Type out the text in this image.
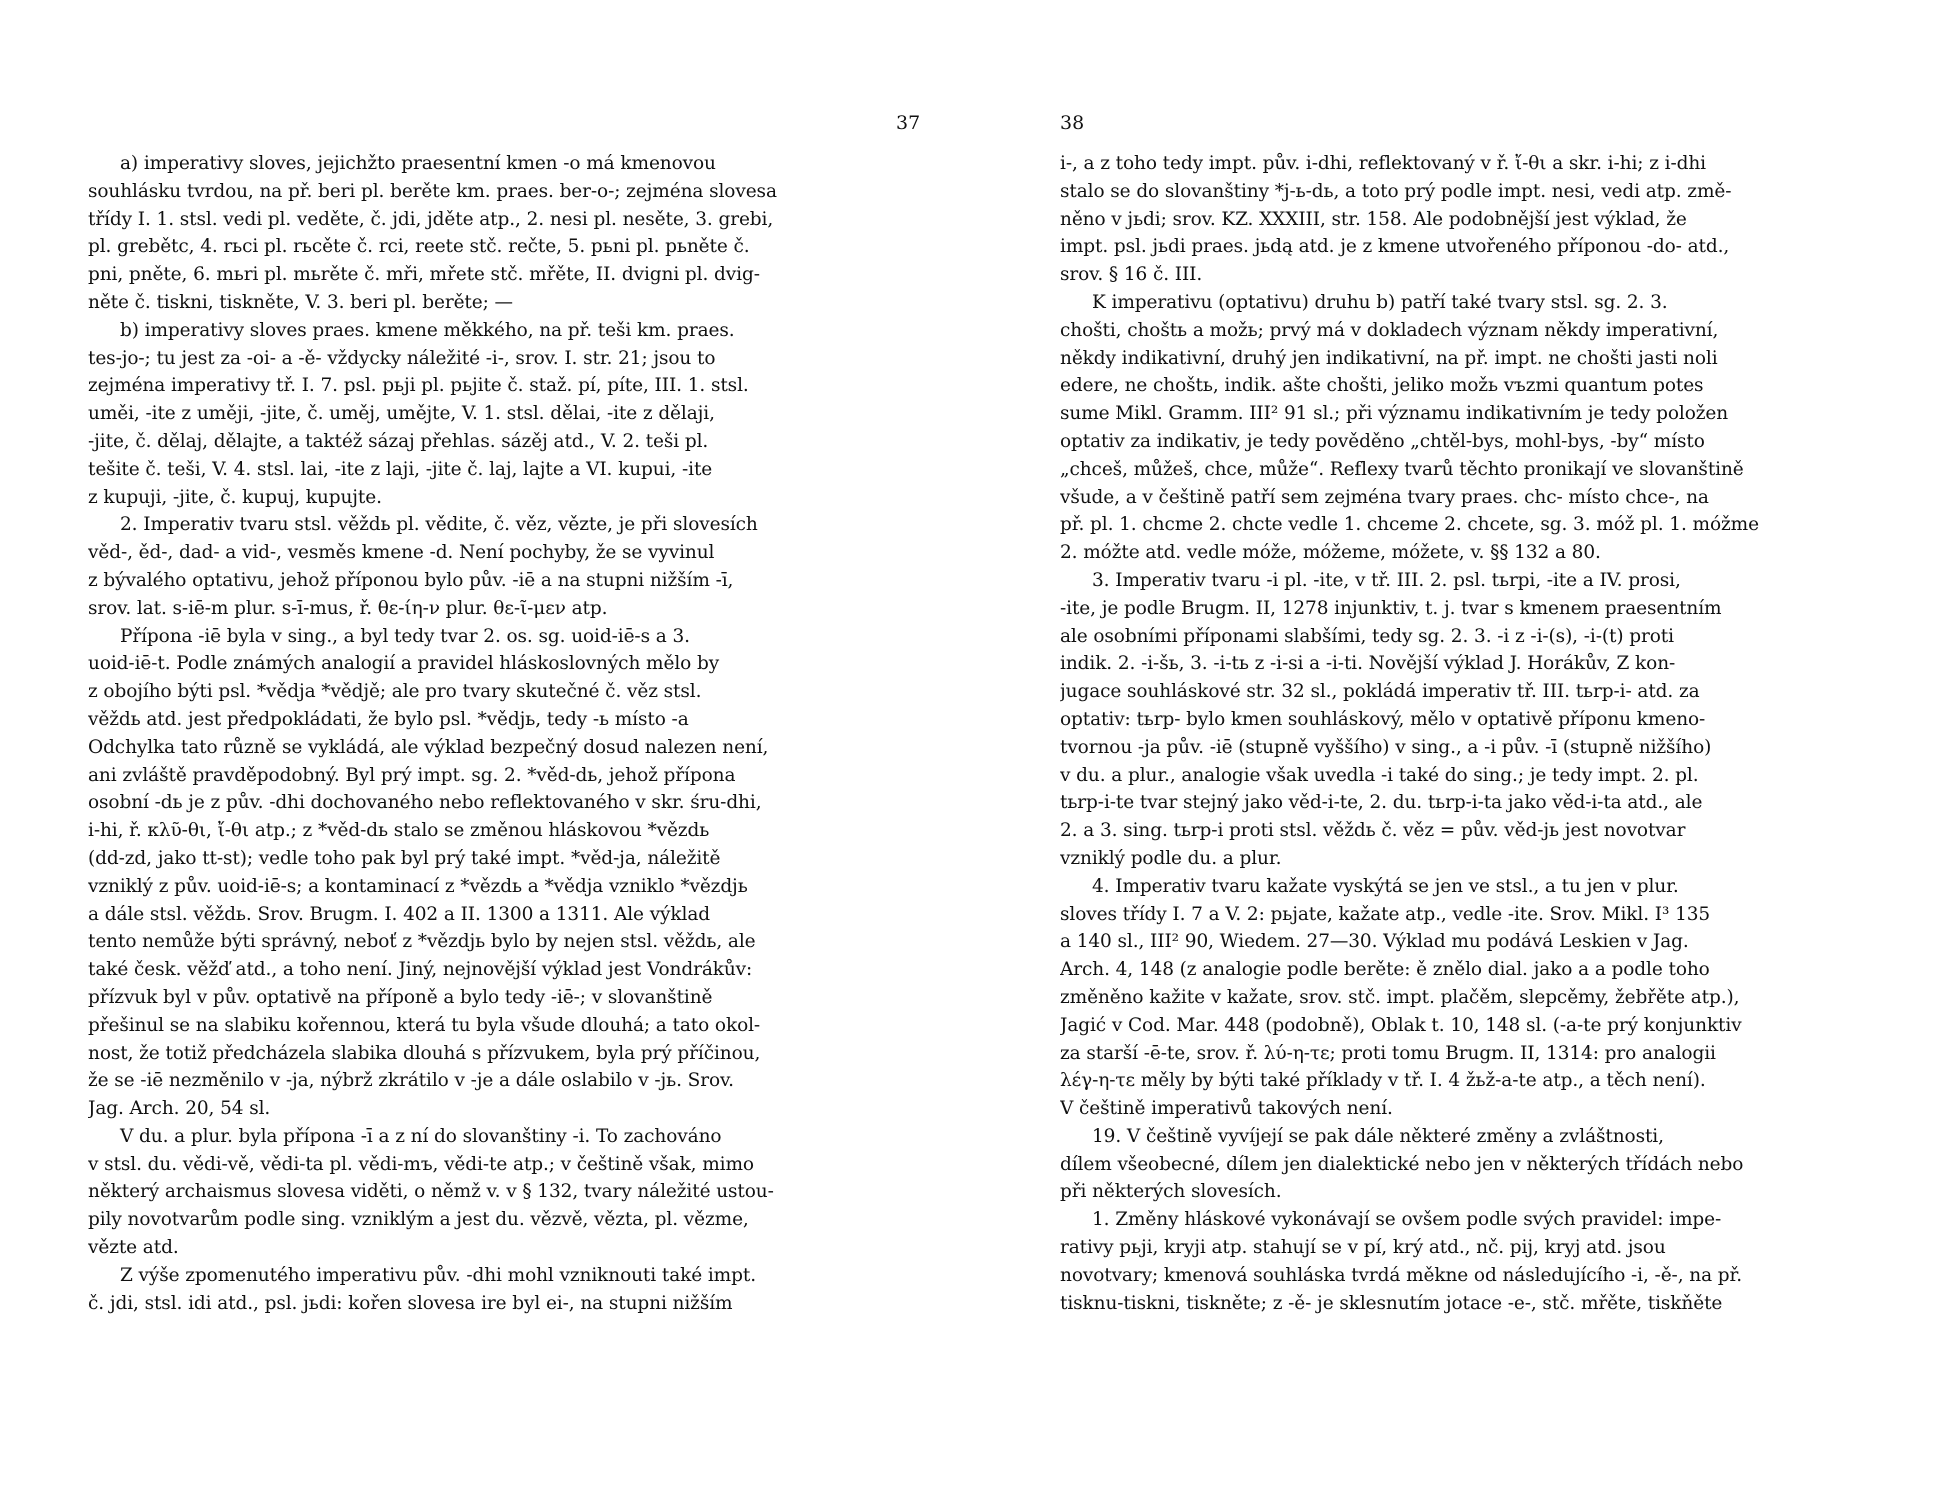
37
a) imperativy sloves, jejichžto praesentní kmen -o má kmenovou
souhlásku tvrdou, na př. beri pl. berěte km. praes. ber-o-; zejména slovesa
třídy I. 1. stsl. vedi pl. veděte, č. jdi, jděte atp., 2. nesi pl. nesěte, 3. grebi,
pl. grebětc, 4. rьci pl. rьcěte č. rci, reete stč. rečte, 5. pьni pl. pьněte č.
pni, pněte, 6. mьri pl. mьrěte č. mři, mřete stč. mřěte, II. dvigni pl. dvig-
něte č. tiskni, tiskněte, V. 3. beri pl. berěte; —
b) imperativy sloves praes. kmene měkkého, na př. teši km. praes.
tes-jo-; tu jest za -oi- a -ě- vždycky náležité -i-, srov. I. str. 21; jsou to
zejména imperativy tř. I. 7. psl. pьji pl. pьjite č. staž. pí, píte, III. 1. stsl.
uměi, -ite z uměji, -jite, č. uměj, umějte, V. 1. stsl. dělai, -ite z dělaji,
-jite, č. dělaj, dělajte, a taktéž sázaj přehlas. sázěj atd., V. 2. teši pl.
tešite č. teši, V. 4. stsl. lai, -ite z laji, -jite č. laj, lajte a VI. kupui, -ite
z kupuji, -jite, č. kupuj, kupujte.
2. Imperativ tvaru stsl. věždь pl. vědite, č. věz, vězte, je při slovesích
věd-, ěd-, dad- a vid-, vesměs kmene -d. Není pochyby, že se vyvinul
z bývalého optativu, jehož příponou bylo pův. -iē a na stupni nižším -ī,
srov. lat. s-iē-m plur. s-ī-mus, ř. θε-ίη-ν plur. θε-ῖ-μεν atp.
Přípona -iē byla v sing., a byl tedy tvar 2. os. sg. uoid-iē-s a 3.
uoid-iē-t. Podle známých analogií a pravidel hláskoslovných mělo by
z obojího býti psl. *vědja *vědjě; ale pro tvary skutečné č. věz stsl.
věždь atd. jest předpokládati, že bylo psl. *vědjь, tedy -ь místo -a
Odchylka tato různě se vykládá, ale výklad bezpečný dosud nalezen není,
ani zvláště pravděpodobný. Byl prý impt. sg. 2. *věd-dь, jehož přípona
osobní -dь je z pův. -dhi dochovaného nebo reflektovaného v skr. śru-dhi,
i-hi, ř. κλῦ-θι, ἴ-θι atp.; z *věd-dь stalo se změnou hláskovou *vězdь
(dd-zd, jako tt-st); vedle toho pak byl prý také impt. *věd-ja, náležitě
vzniklý z pův. uoid-iē-s; a kontaminací z *vězdь a *vědja vzniklo *vězdjь
a dále stsl. věždь. Srov. Brugm. I. 402 a II. 1300 a 1311. Ale výklad
tento nemůže býti správný, neboť z *vězdjь bylo by nejen stsl. věždь, ale
také česk. věžď atd., a toho není. Jiný, nejnovější výklad jest Vondrákův:
přízvuk byl v pův. optativě na příponě a bylo tedy -iē-; v slovanštině
přešinul se na slabiku kořennou, která tu byla všude dlouhá; a tato okol-
nost, že totiž předcházela slabika dlouhá s přízvukem, byla prý příčinou,
že se -iē nezměnilo v -ja, nýbrž zkrátilo v -je a dále oslabilo v -jь. Srov.
Jag. Arch. 20, 54 sl.
V du. a plur. byla přípona -ī a z ní do slovanštiny -i. To zachováno
v stsl. du. vědi-vě, vědi-ta pl. vědi-mъ, vědi-te atp.; v češtině však, mimo
některý archaismus slovesa viděti, o němž v. v § 132, tvary náležité ustou-
pily novotvarům podle sing. vzniklým a jest du. vězvě, vězta, pl. vězme,
vězte atd.
Z výše zpomenutého imperativu pův. -dhi mohl vzniknouti také impt.
č. jdi, stsl. idi atd., psl. jьdi: kořen slovesa ire byl ei-, na stupni nižším
38
i-, a z toho tedy impt. pův. i-dhi, reflektovaný v ř. ἴ-θι a skr. i-hi; z i-dhi
stalo se do slovanštiny *j-ь-dь, a toto prý podle impt. nesi, vedi atp. změ-
něno v jьdi; srov. KZ. XXXIII, str. 158. Ale podobnější jest výklad, že
impt. psl. jьdi praes. jьdą atd. je z kmene utvořeného příponou -do- atd.,
srov. § 16 č. III.
K imperativu (optativu) druhu b) patří také tvary stsl. sg. 2. 3.
chošti, choštь a možь; prvý má v dokladech význam někdy imperativní,
někdy indikativní, druhý jen indikativní, na př. impt. ne chošti jasti noli
edere, ne choštь, indik. ašte chošti, jeliko možь vъzmi quantum potes
sume Mikl. Gramm. III² 91 sl.; při významu indikativním je tedy položen
optativ za indikativ, je tedy pověděno „chtěl-bys, mohl-bys, -by“ místo
„chceš, můžeš, chce, může“. Reflexy tvarů těchto pronikají ve slovanštině
všude, a v češtině patří sem zejména tvary praes. chc- místo chce-, na
př. pl. 1. chcme 2. chcte vedle 1. chceme 2. chcete, sg. 3. móž pl. 1. móžme
2. móžte atd. vedle móže, móžeme, móžete, v. §§ 132 a 80.
3. Imperativ tvaru -i pl. -ite, v tř. III. 2. psl. tьrpi, -ite a IV. prosi,
-ite, je podle Brugm. II, 1278 injunktiv, t. j. tvar s kmenem praesentním
ale osobními příponami slabšími, tedy sg. 2. 3. -i z -i-(s), -i-(t) proti
indik. 2. -i-šь, 3. -i-tь z -i-si a -i-ti. Novější výklad J. Horákův, Z kon-
jugace souhláskové str. 32 sl., pokládá imperativ tř. III. tьrp-i- atd. za
optativ: tьrp- bylo kmen souhláskový, mělo v optativě příponu kmeno-
tvornou -ja pův. -iē (stupně vyššího) v sing., a -i pův. -ī (stupně nižšího)
v du. a plur., analogie však uvedla -i také do sing.; je tedy impt. 2. pl.
tьrp-i-te tvar stejný jako věd-i-te, 2. du. tьrp-i-ta jako věd-i-ta atd., ale
2. a 3. sing. tьrp-i proti stsl. věždь č. věz = pův. věd-jь jest novotvar
vzniklý podle du. a plur.
4. Imperativ tvaru kažate vyskýtá se jen ve stsl., a tu jen v plur.
sloves třídy I. 7 a V. 2: pьjate, kažate atp., vedle -ite. Srov. Mikl. I³ 135
a 140 sl., III² 90, Wiedem. 27—30. Výklad mu podává Leskien v Jag.
Arch. 4, 148 (z analogie podle berěte: ě znělo dial. jako a a podle toho
změněno kažite v kažate, srov. stč. impt. plačěm, slepcěmy, žebřěte atp.),
Jagić v Cod. Mar. 448 (podobně), Oblak t. 10, 148 sl. (-a-te prý konjunktiv
za starší -ē-te, srov. ř. λύ-η-τε; proti tomu Brugm. II, 1314: pro analogii
λέγ-η-τε měly by býti také příklady v tř. I. 4 žьž-a-te atp., a těch není).
V češtině imperativů takových není.
19. V češtině vyvíjejí se pak dále některé změny a zvláštnosti,
dílem všeobecné, dílem jen dialektické nebo jen v některých třídách nebo
při některých slovesích.
1. Změny hláskové vykonávají se ovšem podle svých pravidel: impe-
rativy pьji, kryji atp. stahují se v pí, krý atd., nč. pij, kryj atd. jsou
novotvary; kmenová souhláska tvrdá měkne od následujícího -i, -ě-, na př.
tisknu-tiskni, tiskněte; z -ě- je sklesnutím jotace -e-, stč. mřěte, tiskňěte
